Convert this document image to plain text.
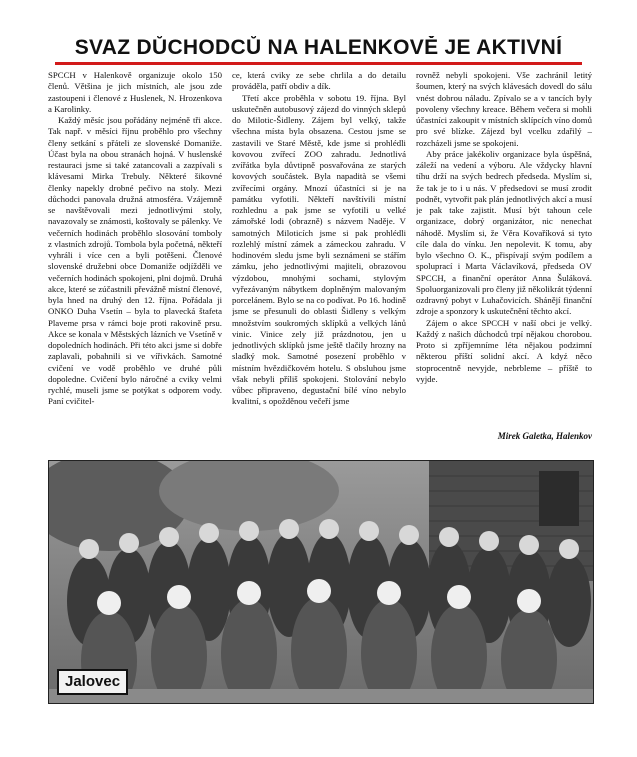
SVAZ DŮCHODCŮ NA HALENKOVĚ JE AKTIVNÍ

SPCCH v Halenkově organizuje okolo 150 členů. Většina je jich místních, ale jsou zde zastoupeni i členové z Huslenek, N. Hrozenkova a Karolinky.

Každý měsíc jsou pořádány nejméně tři akce. Tak např. v měsíci říjnu proběhlo pro všechny členy setkání s přáteli ze slovenské Domaniže. Účast byla na obou stranách hojná. V huslenské restauraci jsme si také zatancovali a zazpívali s klávesami Mirka Trebuly. Některé šikovné členky napekly drobné pečivo na stoly. Mezi důchodci panovala družná atmosféra. Vzájemně se navštěvovali mezi jednotlivými stoly, navazovaly se známosti, koštovaly se pálenky. Ve večerních hodinách proběhlo slosování tomboly z vlastních zdrojů. Tombola byla početná, někteří vyhráli i více cen a byli potěšeni. Členové slovenské družebni obce Domaniže odjížděli ve večerních hodinách spokojeni, plni dojmů. Druhá akce, které se zúčastnili převážně místní členové, byla hned na druhý den 12. října. Pořádala ji ONKO Duha Vsetín – byla to plavecká štafeta Plaveme prsa v rámci boje proti rakovině prsu. Akce se konala v Městských lázních ve Vsetíně v dopoledních hodinách. Při této akci jsme si dobře zaplavali, pobahnili si ve vířivkách. Samotné cvičení ve vodě proběhlo ve druhé půli dopoledne. Cvičení bylo náročné a cviky velmi rychlé, museli jsme se potýkat s odporem vody. Paní cvičitel-

ce, která cviky ze sebe chrlila a do detailu prováděla, patří obdiv a dík.

Třetí akce proběhla v sobotu 19. října. Byl uskutečněn autobusový zájezd do vinných sklepů do Milotic-Šidleny. Zájem byl velký, takže všechna místa byla obsazena. Cestou jsme se zastavili ve Staré Městě, kde jsme si prohlédli kovovou zvířecí ZOO zahradu. Jednotlivá zvířátka byla důvtipně posvařována ze starých kovových součástek. Byla napadità se všemi zvířecími orgány. Mnozí účastníci si je na památku vyfotili. Někteří navštívili místní rozhlednu a pak jsme se vyfotili u velké zámořské lodi (obrazně) s názvem Naděje. V samotných Miloticích jsme si pak prohlédli rozlehlý místní zámek a zámeckou zahradu. V hodinovém sledu jsme byli seznámeni se stářím zámku, jeho jednotlivými majiteli, obrazovou výzdobou, mnohými sochami, stylovým vyřezávaným nábytkem doplněným malovaným porcelánem. Bylo se na co podívat. Po 16. hodině jsme se přesunuli do oblasti Šidleny s velkým množstvím soukromých sklípků a velkých lánů vinic. Vinice zely již prázdnotou, jen u jednotlivých sklípků jsme ještě tlačily hrozny na sladký mok. Samotné posezení proběhlo v místním hvězdičkovém hotelu. S obsluhou jsme však nebyli příliš spokojeni. Stolování nebylo vůbec připraveno, degustační bílé víno nebylo kvalitní, s opožděnou večeří jsme

rovněž nebyli spokojeni. Vše zachránil letitý šoumen, který na svých klávesách dovedl do sálu vnést dobrou náladu. Zpívalo se a v tancích byly povoleny všechny kreace. Během večera si mohli účastníci zakoupit v místních sklípcích víno domů pro své blízke. Zájezd byl vcelku zdařilý – rozcházeli jsme se spokojeni.

Aby práce jakékoliv organizace byla úspěšná, záleží na vedení a výboru. Ale vždycky hlavní tíhu drží na svých bedrech předseda. Myslím si, že tak je to i u nás. V předsedovi se musí zrodit podnět, vytvořit pak plán jednotlivých akcí a musí je pak take zajistit. Musí být tahoun cele organizace, dobrý organizátor, nic nenechat náhodě. Myslím si, že Věra Kovaříková si tyto cíle dala do vínku. Jen nepolevit. K tomu, aby bylo všechno O. K., přispívají svým podílem a spoluprací i Marta Václavíková, předseda OV SPCCH, a finanční operátor Anna Šuláková. Spoluorganizovali pro členy již několikrát týdenní ozdravný pobyt v Luhačovicích. Shánějí finanční zdroje a sponzory k uskutečnění těchto akcí.

Zájem o akce SPCCH v naší obci je velký. Každý z našich důchodců trpí nějakou chorobou. Proto si zpříjemníme léta nějakou podzimní některou příští solidní akcí. A kdyź něco stoprocentně nevyjde, nebrbleme – příště to vyjde.

Mirek Galetka, Halenkov
Jalovec
